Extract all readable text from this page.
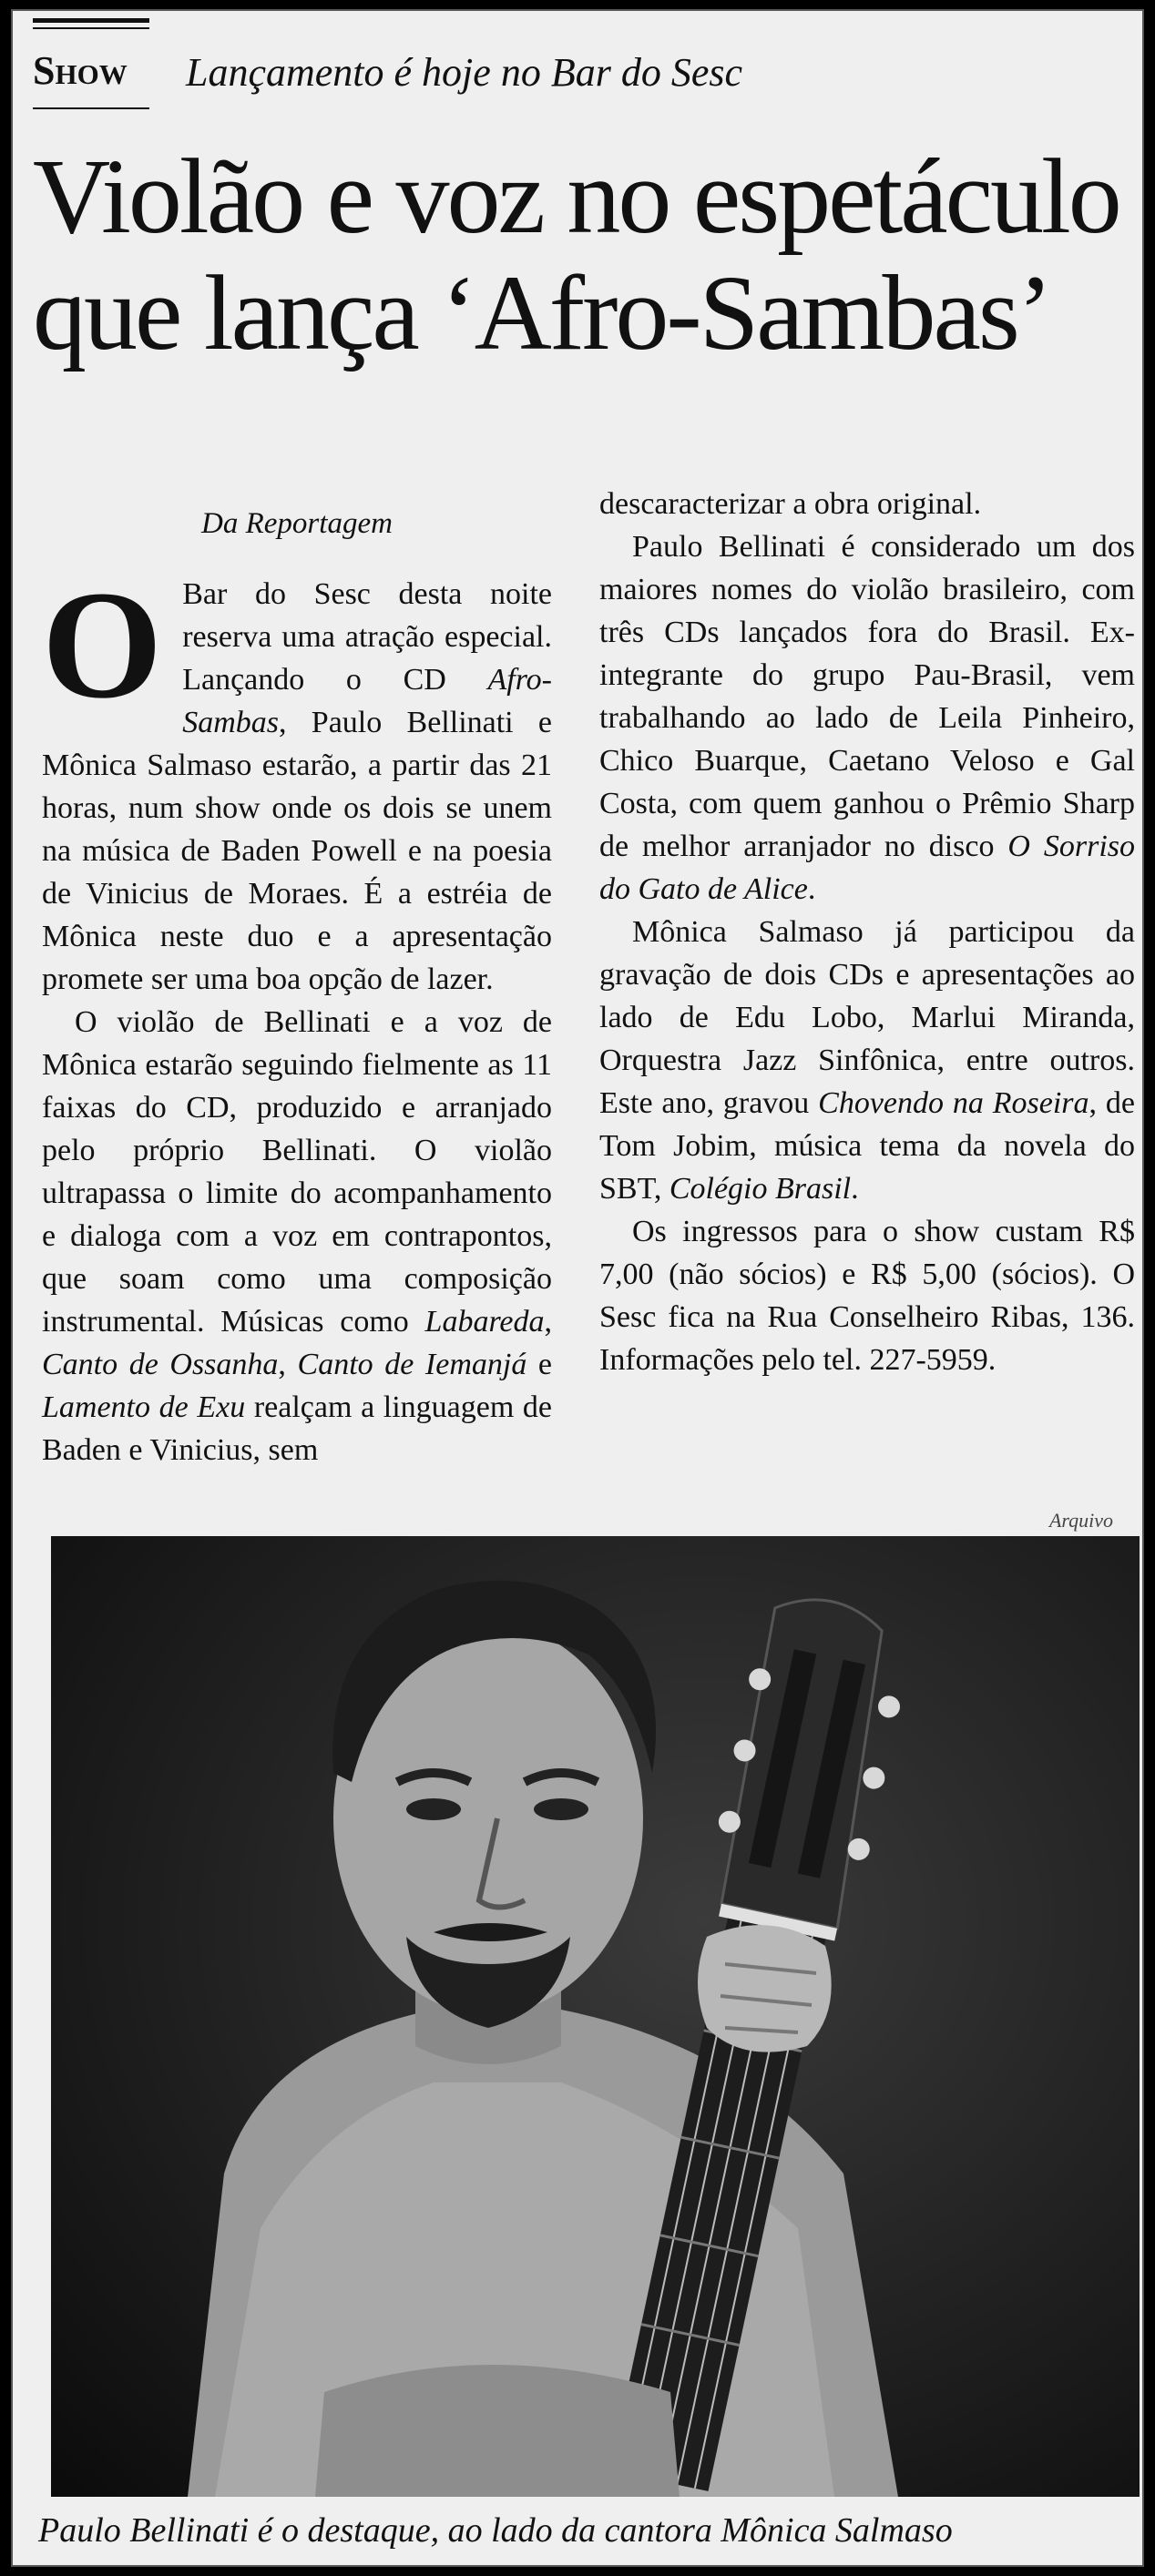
Show Lançamento é hoje no Bar do Sesc
Violão e voz no espetáculo
que lança ‘Afro-Sambas’
Da Reportagem

O Bar do Sesc desta noite reserva uma atração especial. Lançando o CD Afro-Sambas, Paulo Bellinati e Mônica Salmaso estarão, a partir das 21 horas, num show onde os dois se unem na música de Baden Powell e na poesia de Vinicius de Moraes. É a estréia de Mônica neste duo e a apresentação promete ser uma boa opção de lazer.

O violão de Bellinati e a voz de Mônica estarão seguindo fielmente as 11 faixas do CD, produzido e arranjado pelo próprio Bellinati. O violão ultrapassa o limite do acompanhamento e dialoga com a voz em contrapontos, que soam como uma composição instrumental. Músicas como Labareda, Canto de Ossanha, Canto de Iemanjá e Lamento de Exu realçam a linguagem de Baden e Vinicius, sem

descaracterizar a obra original.

Paulo Bellinati é considerado um dos maiores nomes do violão brasileiro, com três CDs lançados fora do Brasil. Ex-integrante do grupo Pau-Brasil, vem trabalhando ao lado de Leila Pinheiro, Chico Buarque, Caetano Veloso e Gal Costa, com quem ganhou o Prêmio Sharp de melhor arranjador no disco O Sorriso do Gato de Alice.

Mônica Salmaso já participou da gravação de dois CDs e apresentações ao lado de Edu Lobo, Marlui Miranda, Orquestra Jazz Sinfônica, entre outros. Este ano, gravou Chovendo na Roseira, de Tom Jobim, música tema da novela do SBT, Colégio Brasil.

Os ingressos para o show custam R$ 7,00 (não sócios) e R$ 5,00 (sócios). O Sesc fica na Rua Conselheiro Ribas, 136. Informações pelo tel. 227-5959.

Arquivo
Paulo Bellinati é o destaque, ao lado da cantora Mônica Salmaso
